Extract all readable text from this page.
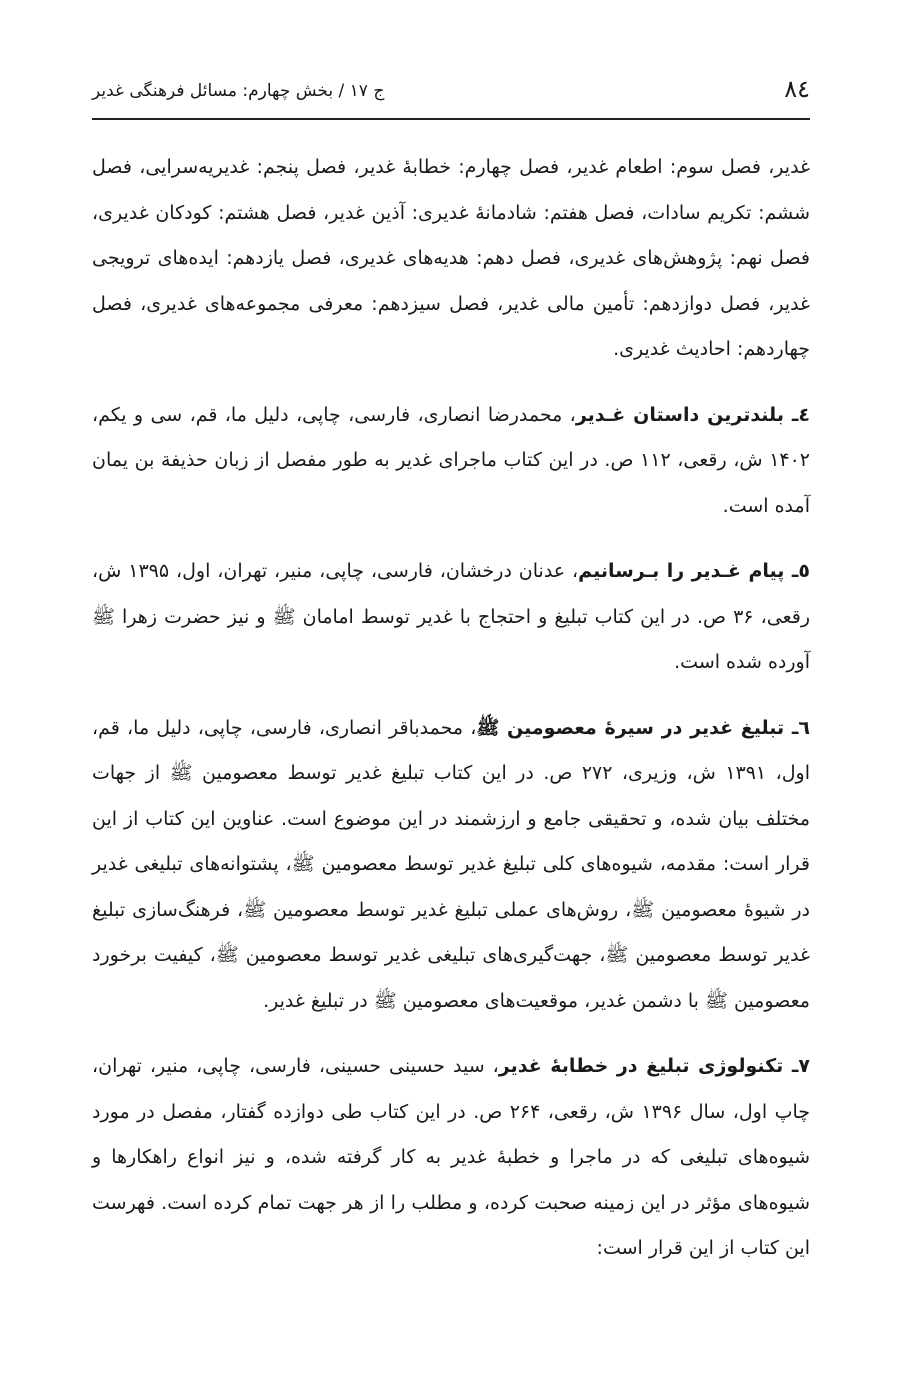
۸٤
ج ۱۷ / بخش چهارم: مسائل فرهنگی غدیر

غدیر، فصل سوم: اطعام غدیر، فصل چهارم: خطابهٔ غدیر، فصل پنجم: غدیریه‌سرایی، فصل ششم: تکریم سادات، فصل هفتم: شادمانهٔ غدیری: آذین غدیر، فصل هشتم: کودکان غدیری، فصل نهم: پژوهش‌های غدیری، فصل دهم: هدیه‌های غدیری، فصل یازدهم: ایده‌های ترویجی غدیر، فصل دوازدهم: تأمین مالی غدیر، فصل سیزدهم: معرفی مجموعه‌های غدیری، فصل چهاردهم: احادیث غدیری.

٤ـ بلندترین داستان غـدیر، محمدرضا انصاری، فارسی، چاپی، دلیل ما، قم، سی و یکم، ۱۴۰۲ ش، رقعی، ۱۱۲ ص. در این کتاب ماجرای غدیر به طور مفصل از زبان حذیفة بن یمان آمده است.

٥ـ پیام غـدیر را بـرسانیم، عدنان درخشان، فارسی، چاپی، منیر، تهران، اول، ۱۳۹۵ ش، رقعی، ۳۶ ص. در این کتاب تبلیغ و احتجاج با غدیر توسط امامان ﷺ و نیز حضرت زهرا ﷺ آورده شده است.

٦ـ تبلیغ غدیر در سیرهٔ معصومین ﷺ، محمدباقر انصاری، فارسی، چاپی، دلیل ما، قم، اول، ۱۳۹۱ ش، وزیری، ۲۷۲ ص. در این کتاب تبلیغ غدیر توسط معصومین ﷺ از جهات مختلف بیان شده، و تحقیقی جامع و ارزشمند در این موضوع است. عناوین این کتاب از این قرار است: مقدمه، شیوه‌های کلی تبلیغ غدیر توسط معصومین ﷺ، پشتوانه‌های تبلیغی غدیر در شیوهٔ معصومین ﷺ، روش‌های عملی تبلیغ غدیر توسط معصومین ﷺ، فرهنگ‌سازی تبلیغ غدیر توسط معصومین ﷺ، جهت‌گیری‌های تبلیغی غدیر توسط معصومین ﷺ، کیفیت برخورد معصومین ﷺ با دشمن غدیر، موقعیت‌های معصومین ﷺ در تبلیغ غدیر.

۷ـ تکنولوژی تبلیغ در خطابهٔ غدیر، سید حسینی حسینی، فارسی، چاپی، منیر، تهران، چاپ اول، سال ۱۳۹۶ ش، رقعی، ۲۶۴ ص. در این کتاب طی دوازده گفتار، مفصل در مورد شیوه‌های تبلیغی که در ماجرا و خطبهٔ غدیر به کار گرفته شده، و نیز انواع راهکارها و شیوه‌های مؤثر در این زمینه صحبت کرده، و مطلب را از هر جهت تمام کرده است. فهرست این کتاب از این قرار است:
